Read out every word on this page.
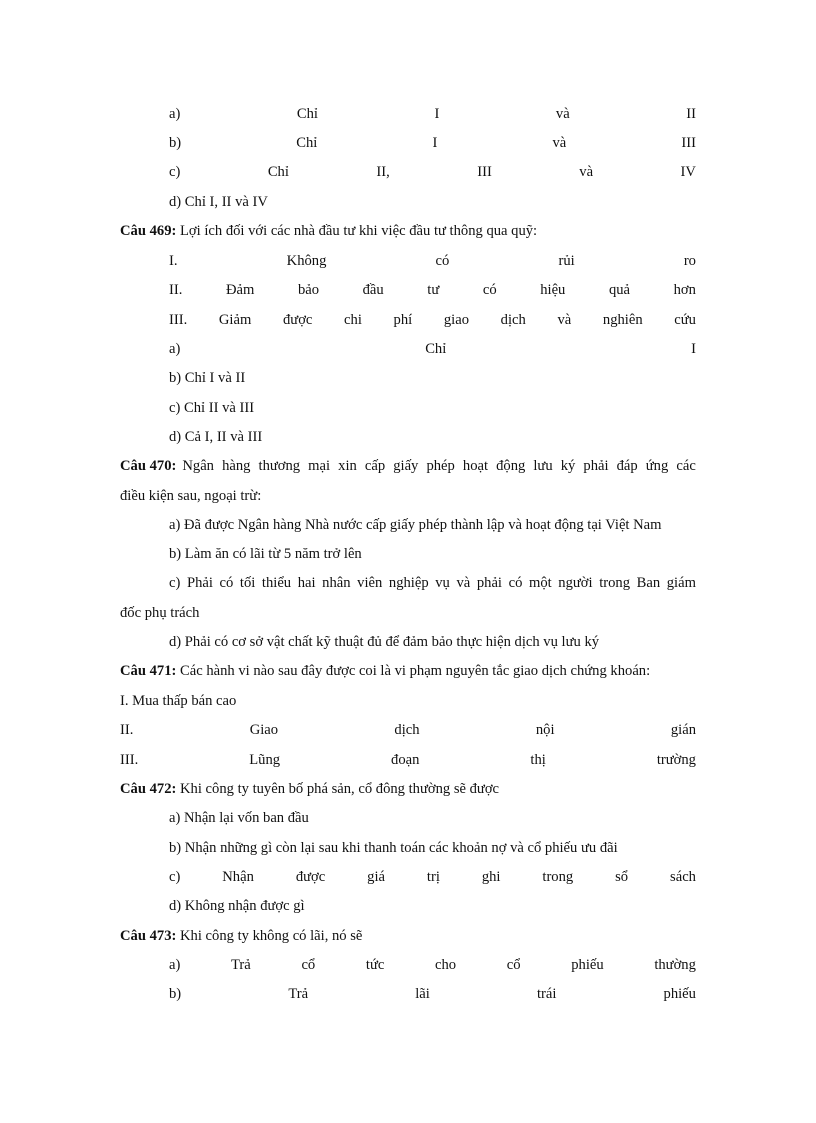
a)	Chỉ	I	và	II
b)	Chỉ	I	và	III
c)	Chỉ	II,	III	và	IV
d) Chỉ I, II và IV
Câu 469: Lợi ích đối với các nhà đầu tư khi việc đầu tư thông qua quỹ:
I.	Không	có	rủi	ro
II.	Đảm	bảo	đầu	tư	có	hiệu	quả	hơn
III. Giảm được chi phí giao dịch và nghiên cứu
a)	Chỉ	I
b) Chỉ I và II
c) Chỉ II và III
d) Cả I, II và III
Câu 470: Ngân hàng thương mại xin cấp giấy phép hoạt động lưu ký phải đáp ứng các
điều kiện sau, ngoại trừ:
a) Đã được Ngân hàng Nhà nước cấp giấy phép thành lập và hoạt động tại Việt Nam
b) Làm ăn có lãi từ 5 năm trở lên
c) Phải có tối thiểu hai nhân viên nghiệp vụ và phải có một người trong Ban giám
đốc phụ trách
d) Phải có cơ sở vật chất kỹ thuật đủ để đảm bảo thực hiện dịch vụ lưu ký
Câu 471: Các hành vi nào sau đây được coi là vi phạm nguyên tắc giao dịch chứng khoán:
I. Mua thấp bán cao
II.	Giao	dịch	nội	gián
III.	Lũng	đoạn	thị	trường
Câu 472: Khi công ty tuyên bố phá sản, cổ đông thường sẽ được
a) Nhận lại vốn ban đầu
b) Nhận những gì còn lại sau khi thanh toán các khoản nợ và cổ phiếu ưu đãi
c)	Nhận	được	giá	trị	ghi	trong	sổ	sách
d) Không nhận được gì
Câu 473: Khi công ty không có lãi, nó sẽ
a)	Trả	cổ	tức	cho	cổ	phiếu	thường
b)	Trả	lãi	trái	phiếu
